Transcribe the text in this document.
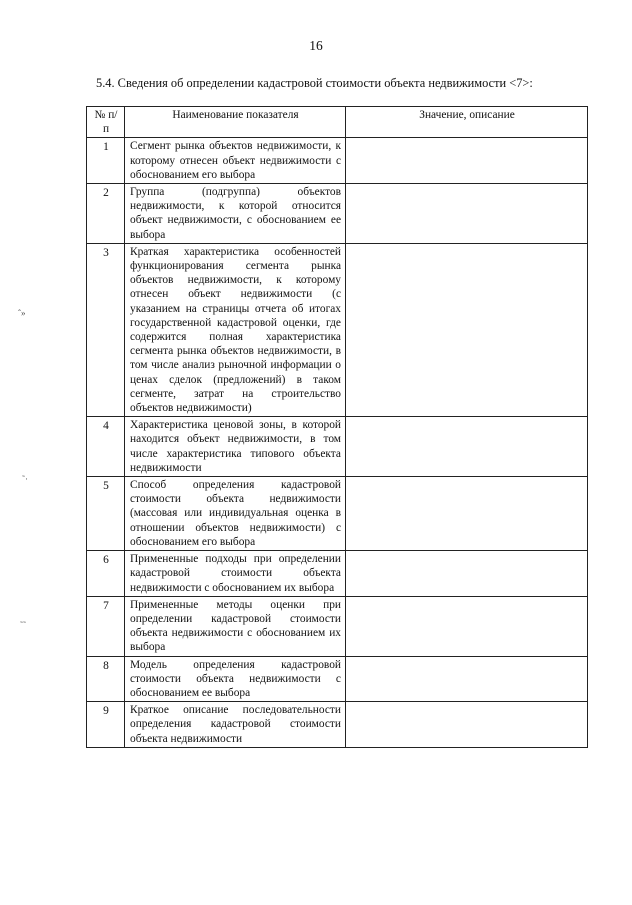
16
5.4. Сведения об определении кадастровой стоимости объекта недвижимости <7>:
№ п/п	Наименование показателя	Значение, описание
1	Сегмент рынка объектов недвижимости, к которому отнесен объект недвижимости с обоснованием его выбора	
2	Группа (подгруппа) объектов недвижимости, к которой относится объект недвижимости, с обоснованием ее выбора	
3	Краткая характеристика особенностей функционирования сегмента рынка объектов недвижимости, к которому отнесен объект недвижимости (с указанием на страницы отчета об итогах государственной кадастровой оценки, где содержится полная характеристика сегмента рынка объектов недвижимости, в том числе анализ рыночной информации о ценах сделок (предложений) в таком сегменте, затрат на строительство объектов недвижимости)	
4	Характеристика ценовой зоны, в которой находится объект недвижимости, в том числе характеристика типового объекта недвижимости	
5	Способ определения кадастровой стоимости объекта недвижимости (массовая или индивидуальная оценка в отношении объектов недвижимости) с обоснованием его выбора	
6	Примененные подходы при определении кадастровой стоимости объекта недвижимости с обоснованием их выбора	
7	Примененные методы оценки при определении кадастровой стоимости объекта недвижимости с обоснованием их выбора	
8	Модель определения кадастровой стоимости объекта недвижимости с обоснованием ее выбора	
9	Краткое описание последовательности определения кадастровой стоимости объекта недвижимости	
ˆ»
˜·
˜˜
